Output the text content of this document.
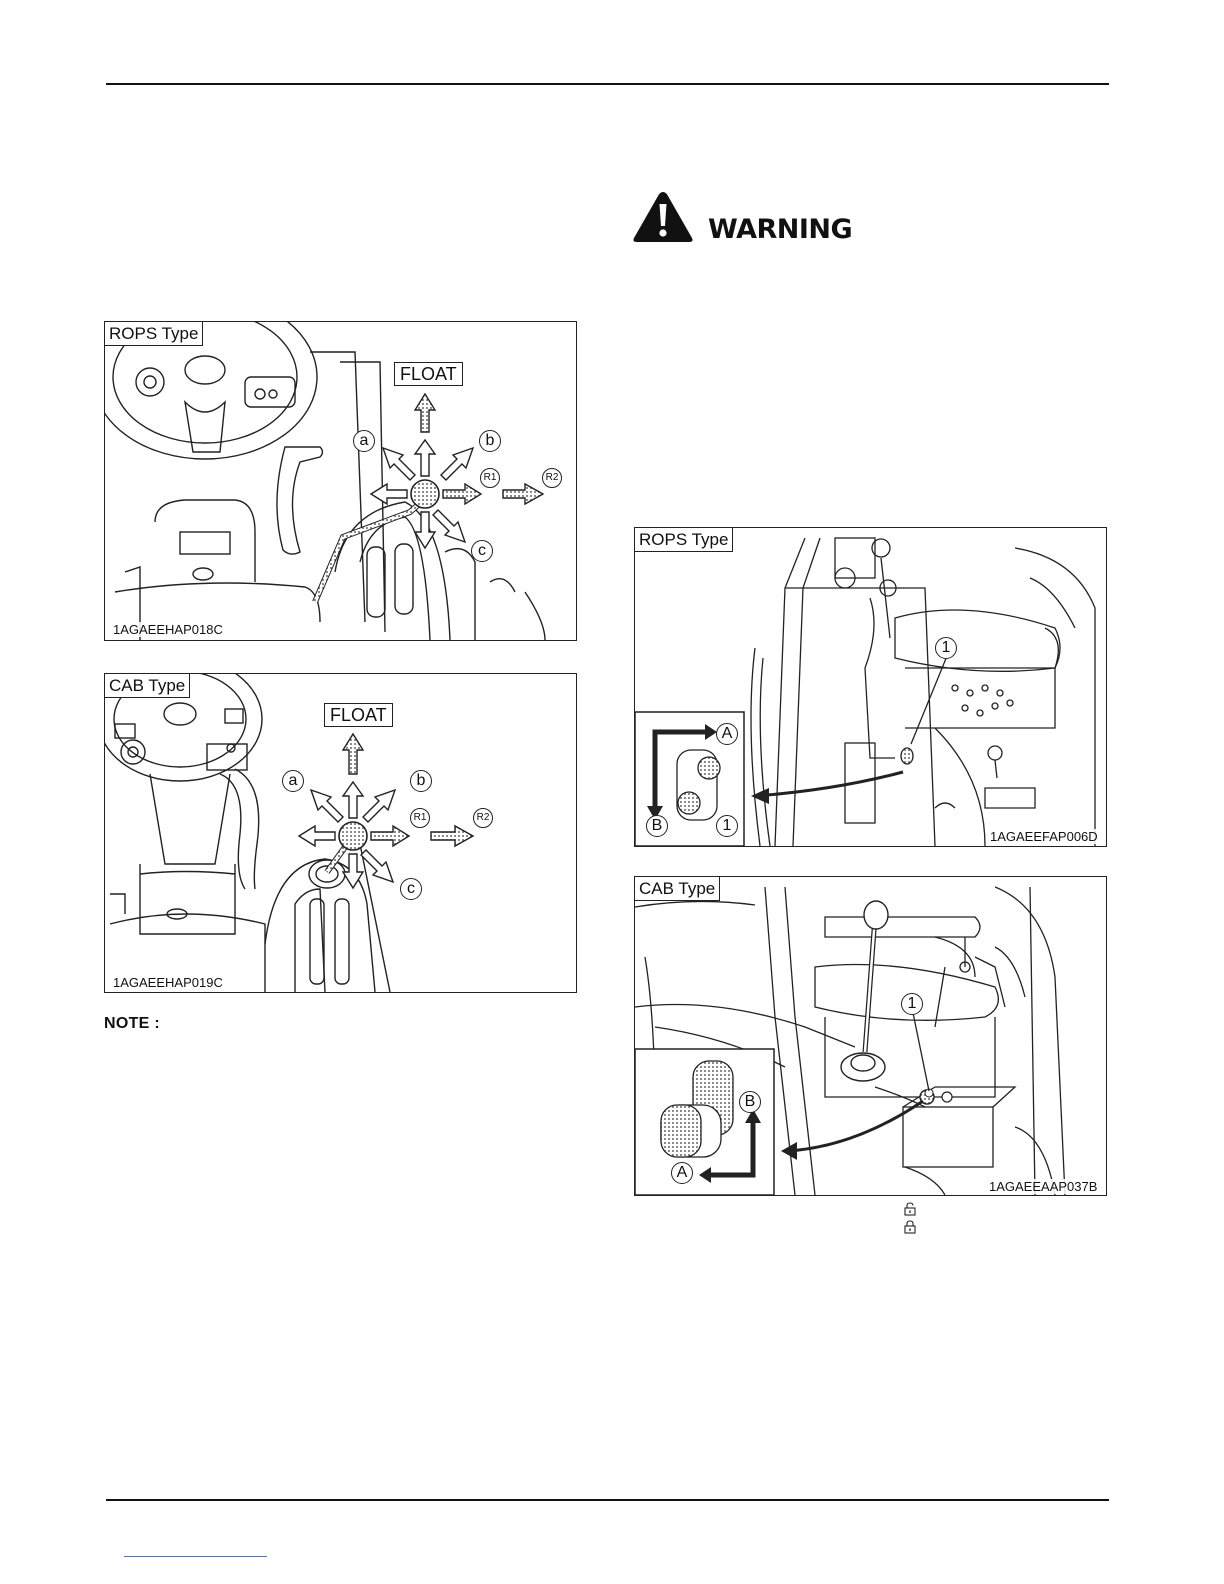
ROPS Type
FLOAT
a	b
c
R1	R2
1AGAEEHAP018C
CAB Type
FLOAT
a	b
c
R1	R2
1AGAEEHAP019C
NOTE :
WARNING
ROPS Type
1
A
B	1
1AGAEEFAP006D
CAB Type
1
B
A
1AGAEEAAP037B
